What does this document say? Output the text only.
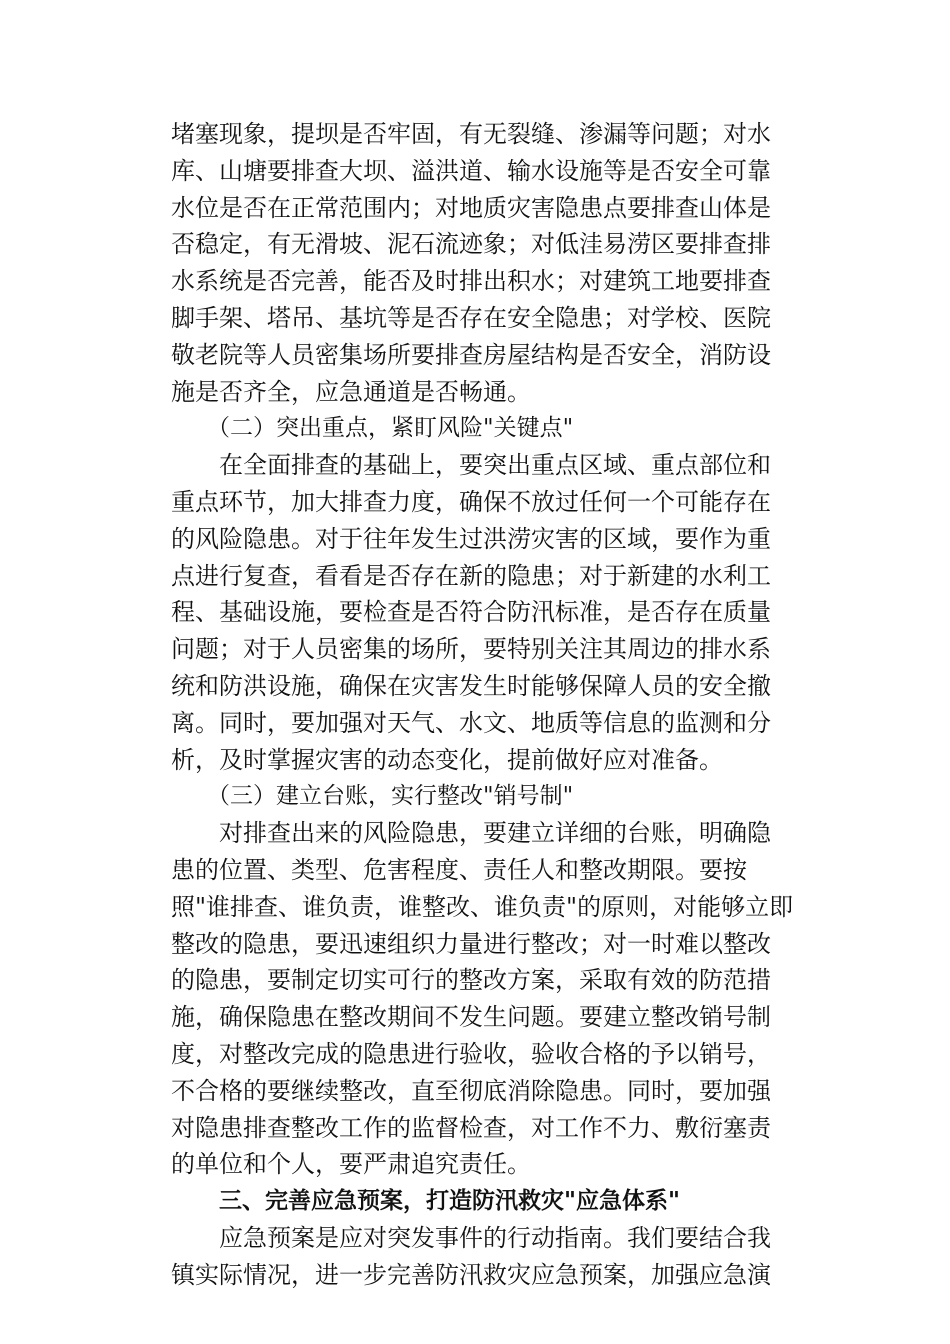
堵塞现象，提坝是否牢固，有无裂缝、渗漏等问题；对水
库、山塘要排查大坝、溢洪道、输水设施等是否安全可靠
水位是否在正常范围内；对地质灾害隐患点要排查山体是
否稳定，有无滑坡、泥石流迹象；对低洼易涝区要排查排
水系统是否完善，能否及时排出积水；对建筑工地要排查
脚手架、塔吊、基坑等是否存在安全隐患；对学校、医院
敬老院等人员密集场所要排查房屋结构是否安全，消防设
施是否齐全，应急通道是否畅通。
（二）突出重点，紧盯风险"关键点"
在全面排查的基础上，要突出重点区域、重点部位和
重点环节，加大排查力度，确保不放过任何一个可能存在
的风险隐患。对于往年发生过洪涝灾害的区域，要作为重
点进行复查，看看是否存在新的隐患；对于新建的水利工
程、基础设施，要检查是否符合防汛标准，是否存在质量
问题；对于人员密集的场所，要特别关注其周边的排水系
统和防洪设施，确保在灾害发生时能够保障人员的安全撤
离。同时，要加强对天气、水文、地质等信息的监测和分
析，及时掌握灾害的动态变化，提前做好应对准备。
（三）建立台账，实行整改"销号制"
对排查出来的风险隐患，要建立详细的台账，明确隐
患的位置、类型、危害程度、责任人和整改期限。要按
照"谁排查、谁负责，谁整改、谁负责"的原则，对能够立即
整改的隐患，要迅速组织力量进行整改；对一时难以整改
的隐患，要制定切实可行的整改方案，采取有效的防范措
施，确保隐患在整改期间不发生问题。要建立整改销号制
度，对整改完成的隐患进行验收，验收合格的予以销号，
不合格的要继续整改，直至彻底消除隐患。同时，要加强
对隐患排查整改工作的监督检查，对工作不力、敷衍塞责
的单位和个人，要严肃追究责任。
三、完善应急预案，打造防汛救灾"应急体系"
应急预案是应对突发事件的行动指南。我们要结合我
镇实际情况，进一步完善防汛救灾应急预案，加强应急演
